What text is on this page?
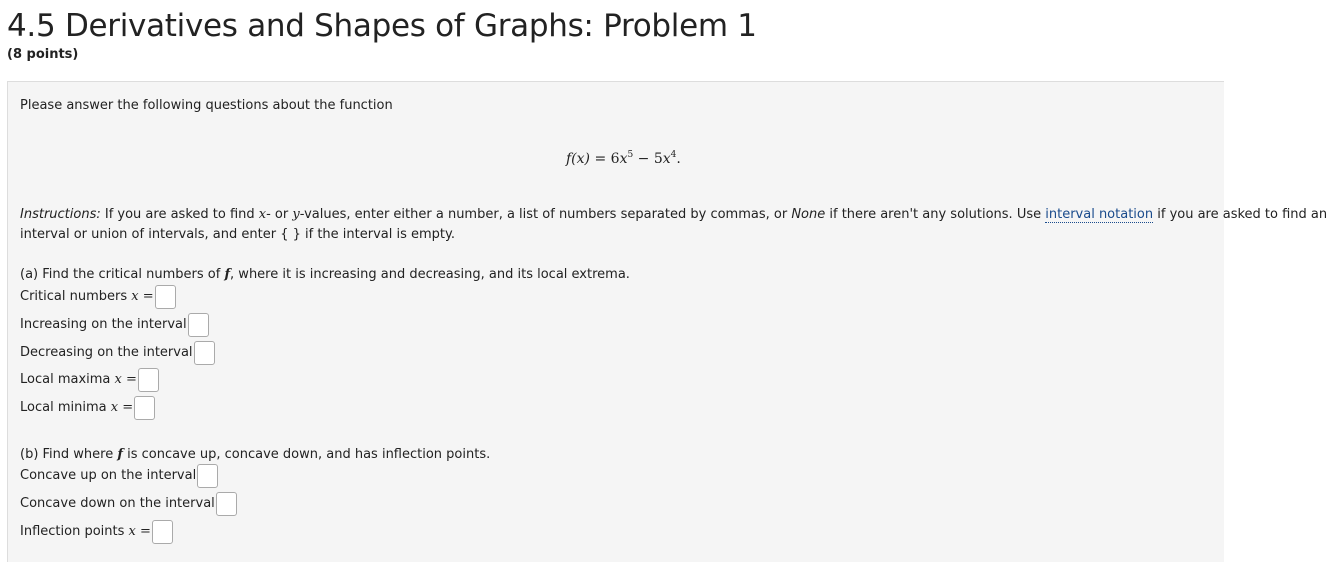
4.5 Derivatives and Shapes of Graphs: Problem 1
(8 points)
Please answer the following questions about the function
$f(x) = 6x^5 - 5x^4$.
Instructions: If you are asked to find x- or y-values, enter either a number, a list of numbers separated by commas, or None if there aren't any solutions. Use interval notation if you are asked to find an
interval or union of intervals, and enter { } if the interval is empty.
(a) Find the critical numbers of f, where it is increasing and decreasing, and its local extrema.
Critical numbers x =
Increasing on the interval
Decreasing on the interval
Local maxima x =
Local minima x =
(b) Find where f is concave up, concave down, and has inflection points.
Concave up on the interval
Concave down on the interval
Inflection points x =
